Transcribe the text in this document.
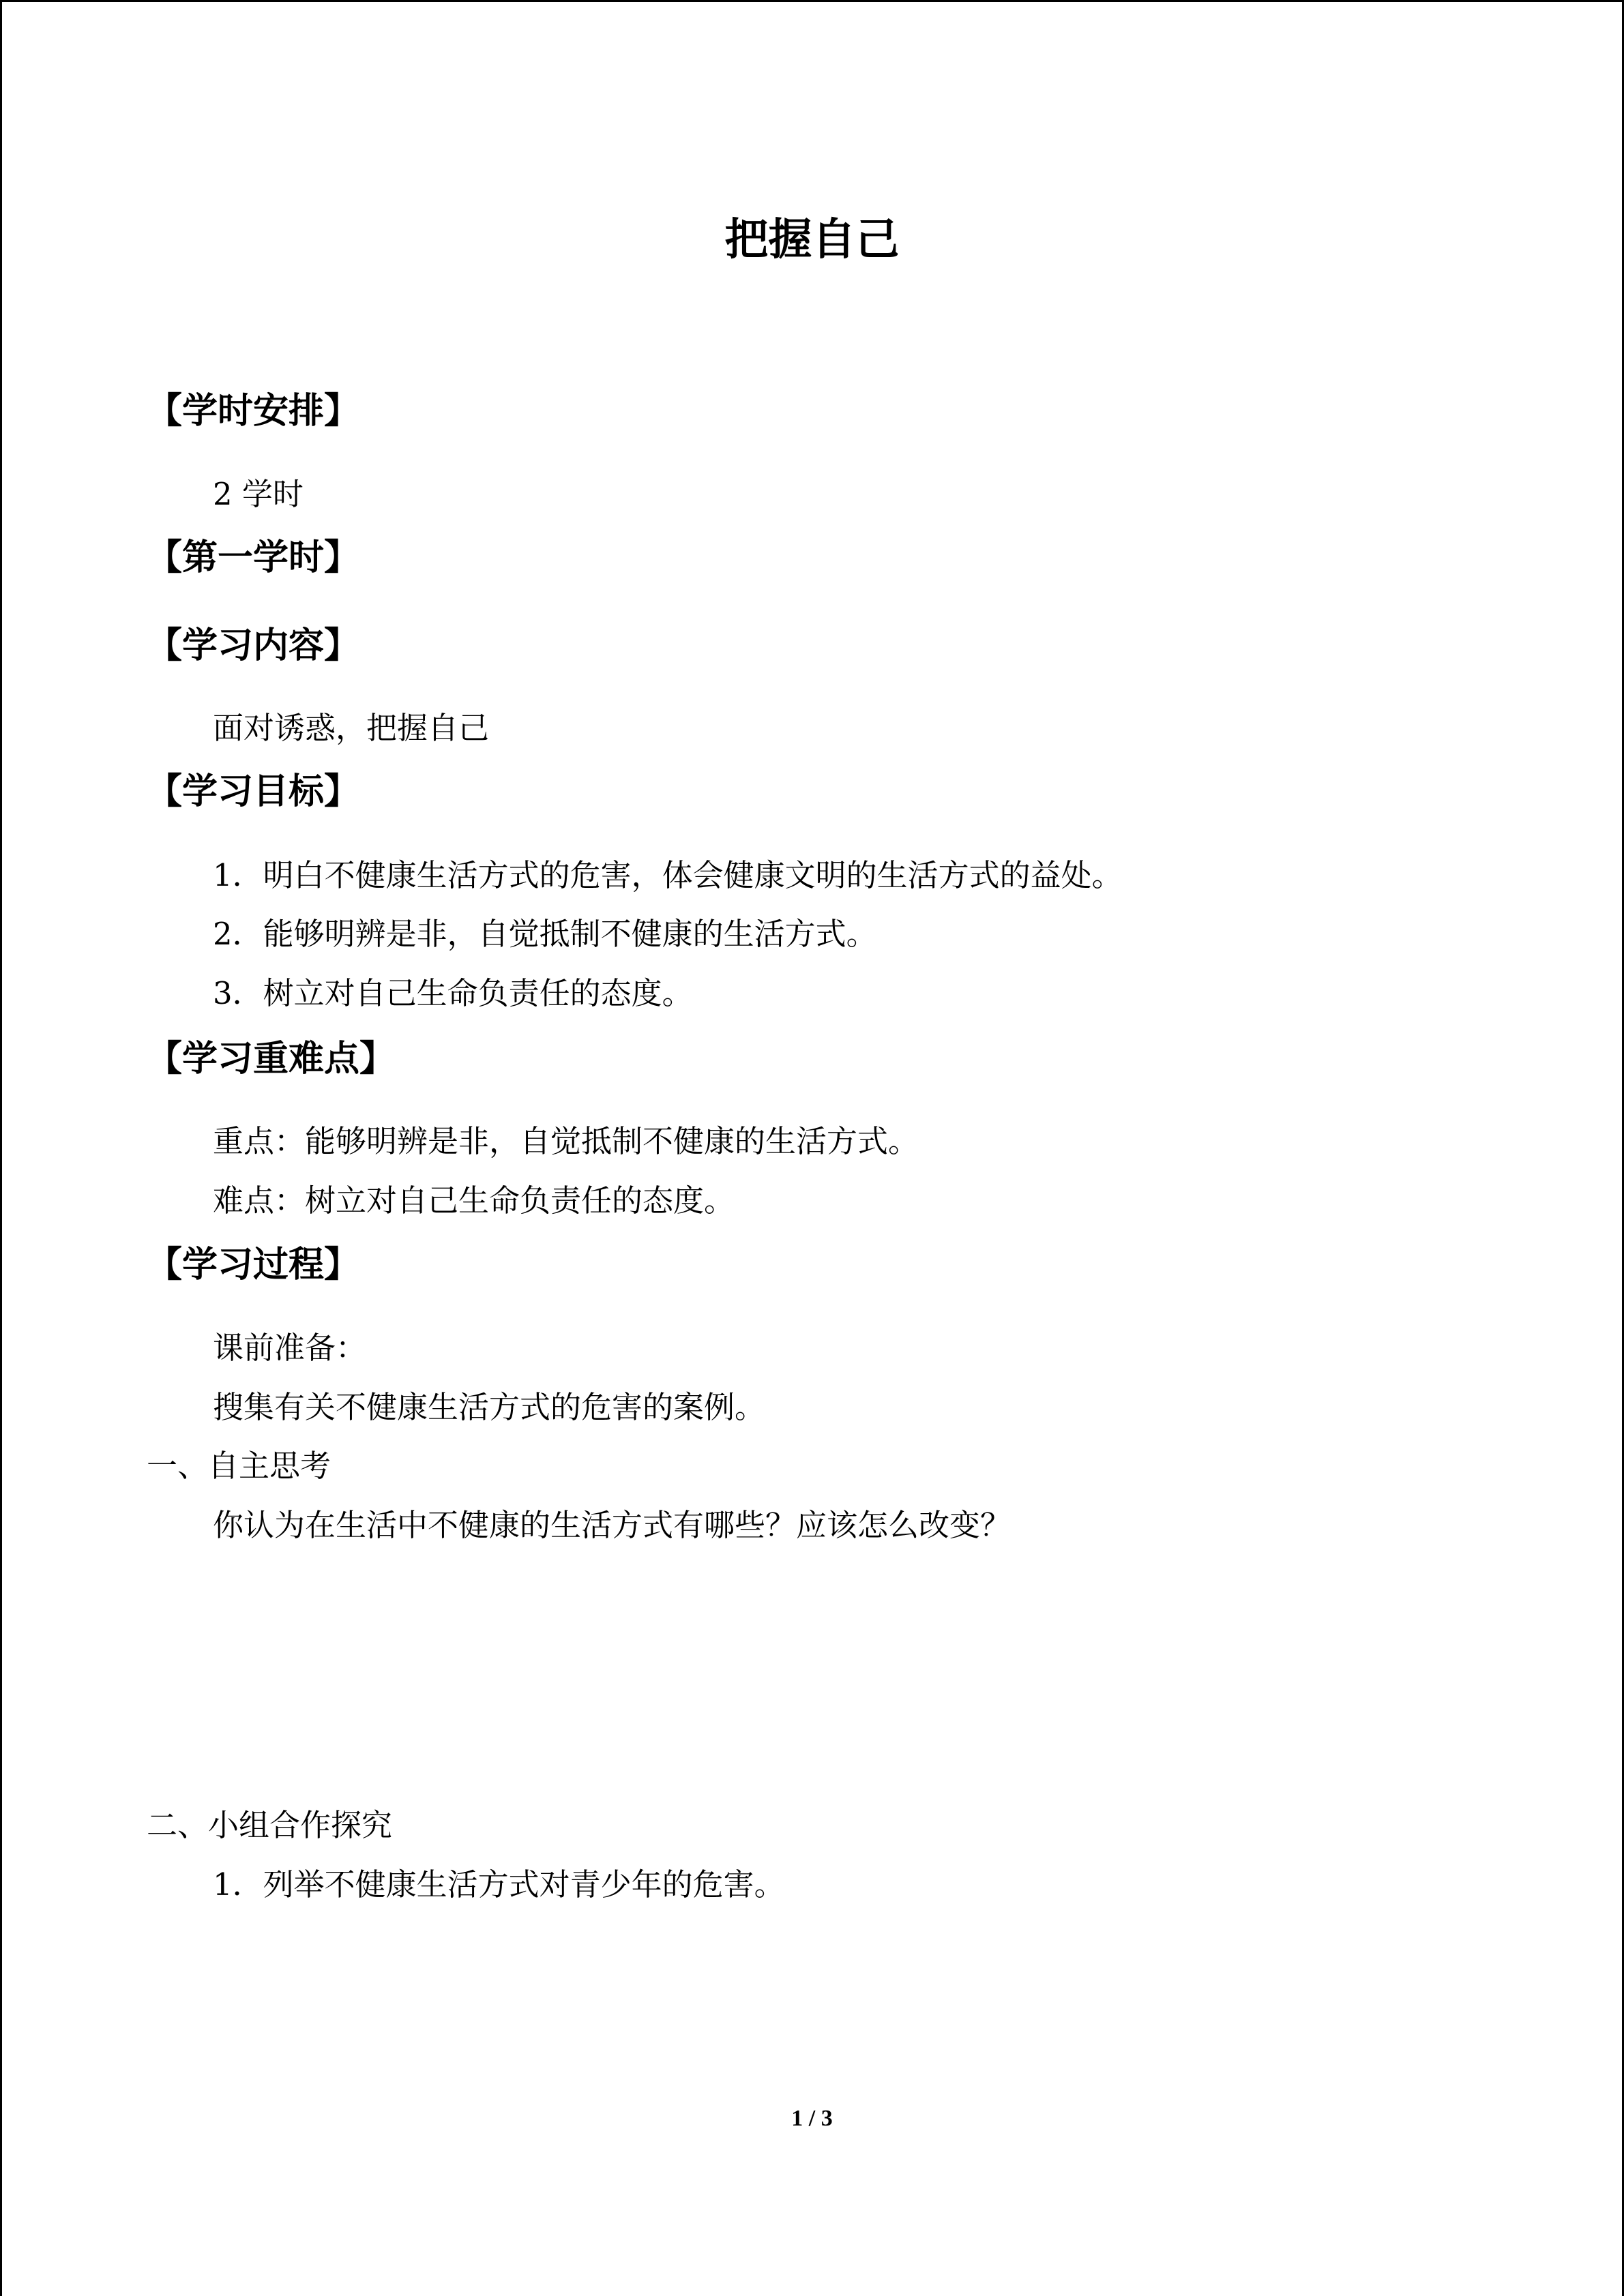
把握自己
【学时安排】
2 学时
【第一学时】
【学习内容】
面对诱惑，把握自己
【学习目标】
1．明白不健康生活方式的危害，体会健康文明的生活方式的益处。
2．能够明辨是非，自觉抵制不健康的生活方式。
3．树立对自己生命负责任的态度。
【学习重难点】
重点：能够明辨是非，自觉抵制不健康的生活方式。
难点：树立对自己生命负责任的态度。
【学习过程】
课前准备：
搜集有关不健康生活方式的危害的案例。
一、自主思考
你认为在生活中不健康的生活方式有哪些？应该怎么改变？
二、小组合作探究
1．列举不健康生活方式对青少年的危害。
1 / 3
